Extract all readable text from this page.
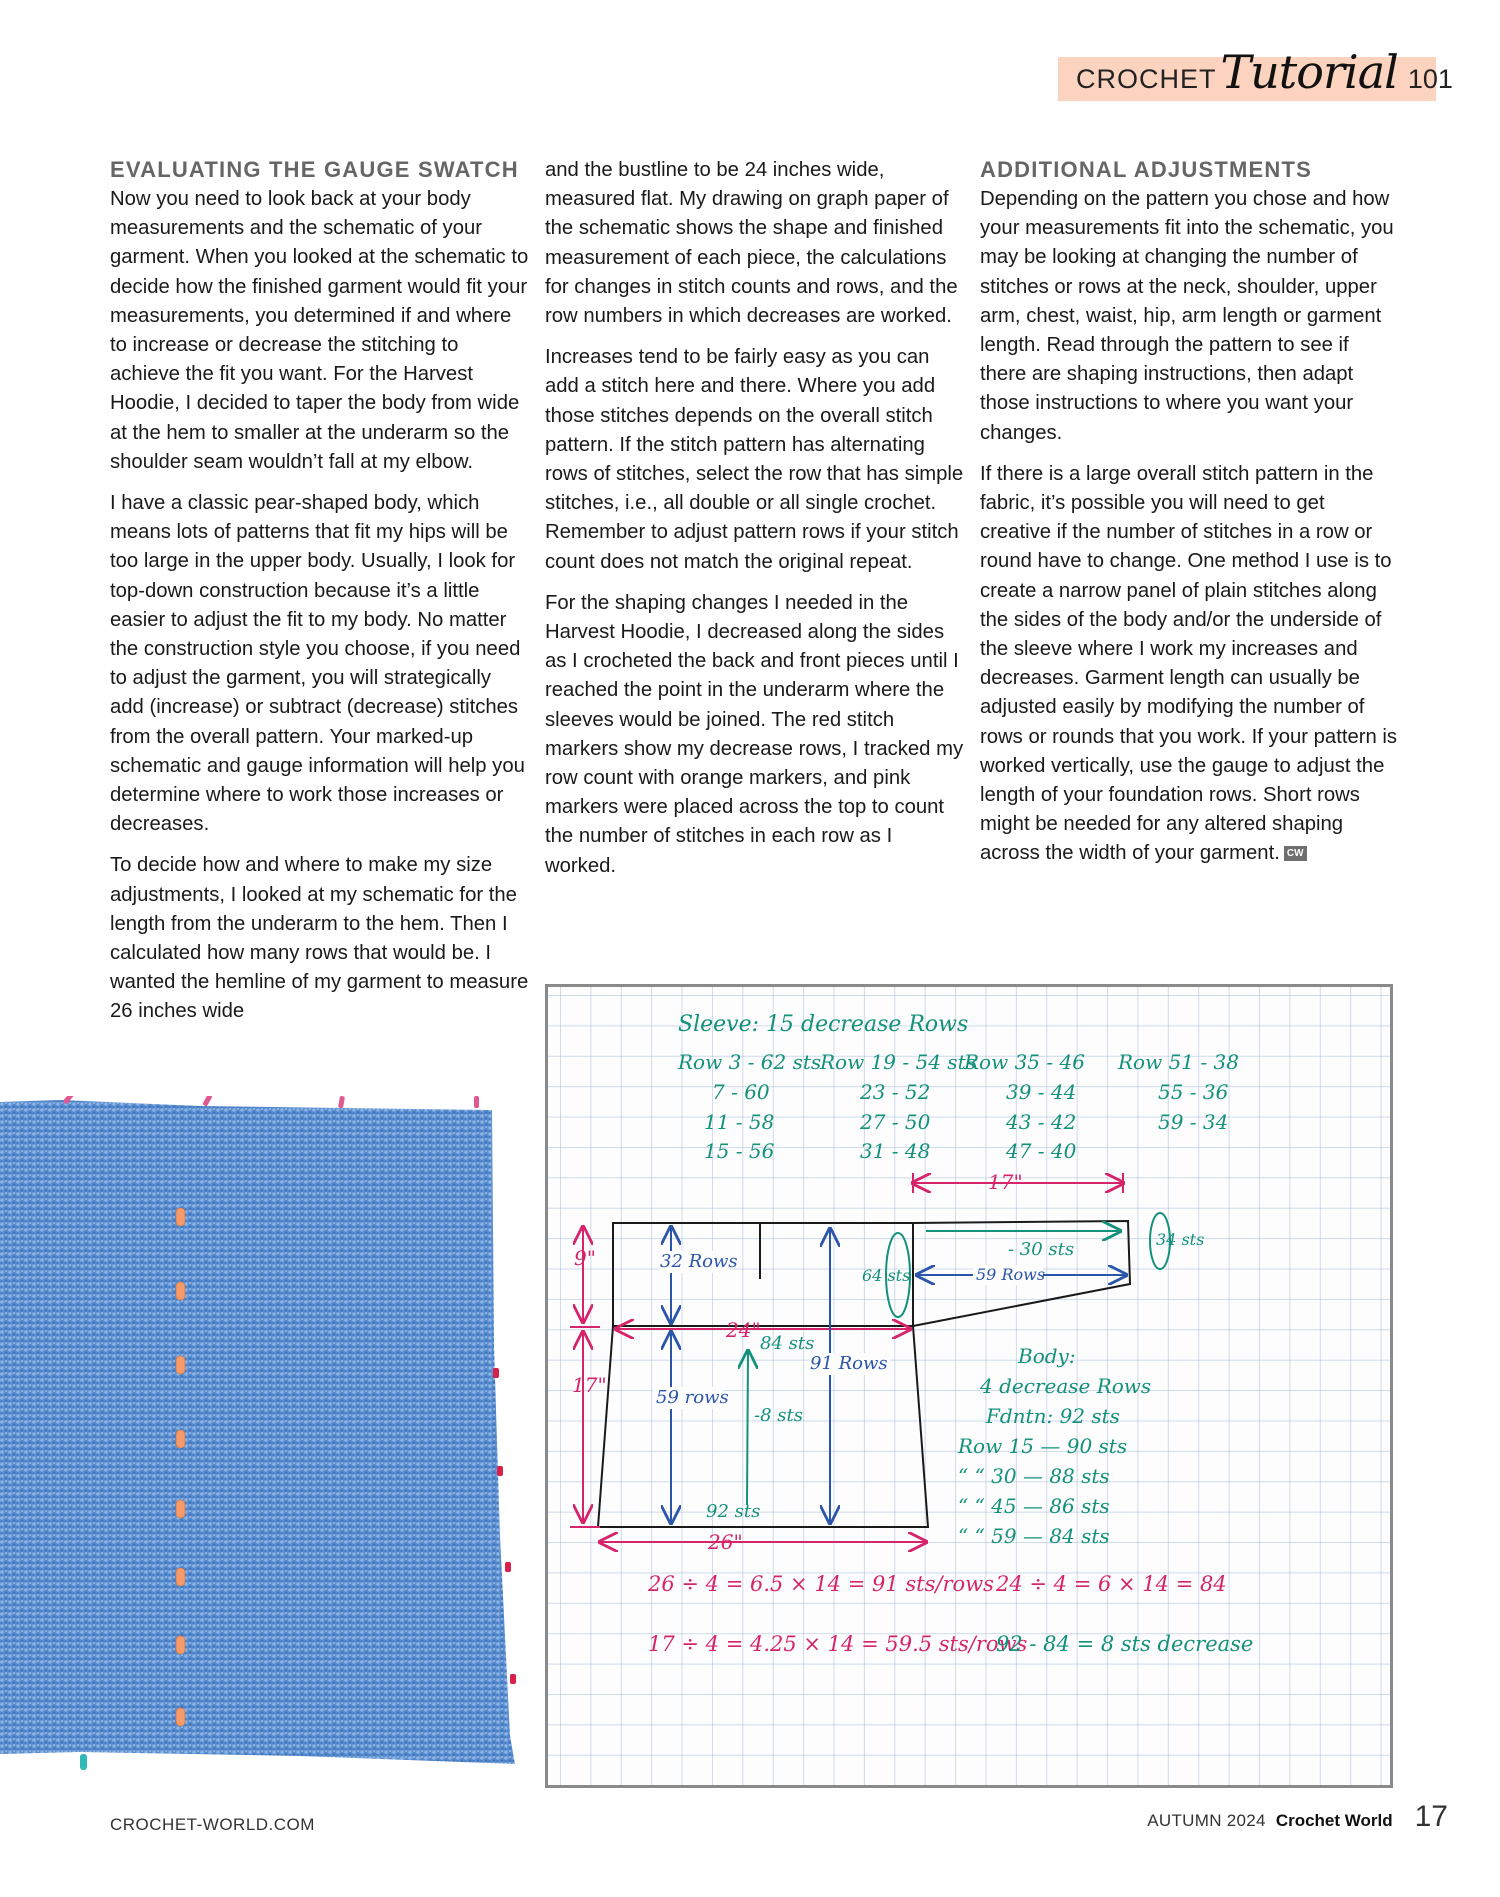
CROCHET Tutorial 101
EVALUATING THE GAUGE SWATCH

Now you need to look back at your body measurements and the schematic of your garment. When you looked at the schematic to decide how the finished garment would fit your measurements, you determined if and where to increase or decrease the stitching to achieve the fit you want. For the Harvest Hoodie, I decided to taper the body from wide at the hem to smaller at the underarm so the shoulder seam wouldn’t fall at my elbow.

I have a classic pear-shaped body, which means lots of patterns that fit my hips will be too large in the upper body. Usually, I look for top-down construction because it’s a little easier to adjust the fit to my body. No matter the construction style you choose, if you need to adjust the garment, you will strategically add (increase) or subtract (decrease) stitches from the overall pattern. Your marked-up schematic and gauge information will help you determine where to work those increases or decreases.

To decide how and where to make my size adjustments, I looked at my schematic for the length from the underarm to the hem. Then I calculated how many rows that would be. I wanted the hemline of my garment to measure 26 inches wide

and the bustline to be 24 inches wide, measured flat. My drawing on graph paper of the schematic shows the shape and finished measurement of each piece, the calculations for changes in stitch counts and rows, and the row numbers in which decreases are worked.

Increases tend to be fairly easy as you can add a stitch here and there. Where you add those stitches depends on the overall stitch pattern. If the stitch pattern has alternating rows of stitches, select the row that has simple stitches, i.e., all double or all single crochet. Remember to adjust pattern rows if your stitch count does not match the original repeat.

For the shaping changes I needed in the Harvest Hoodie, I decreased along the sides as I crocheted the back and front pieces until I reached the point in the underarm where the sleeves would be joined. The red stitch markers show my decrease rows, I tracked my row count with orange markers, and pink markers were placed across the top to count the number of stitches in each row as I worked.

ADDITIONAL ADJUSTMENTS

Depending on the pattern you chose and how your measurements fit into the schematic, you may be looking at changing the number of stitches or rows at the neck, shoulder, upper arm, chest, waist, hip, arm length or garment length. Read through the pattern to see if there are shaping instructions, then adapt those instructions to where you want your changes.

If there is a large overall stitch pattern in the fabric, it’s possible you will need to get creative if the number of stitches in a row or round have to change. One method I use is to create a narrow panel of plain stitches along the sides of the body and/or the underside of the sleeve where I work my increases and decreases. Garment length can usually be adjusted easily by modifying the number of rows or rounds that you work. If your pattern is worked vertically, use the gauge to adjust the length of your foundation rows. Short rows might be needed for any altered shaping across the width of your garment. CW

Sleeve: 15 decrease Rows
Row 3 - 62 sts
7 - 60
11 - 58
15 - 56
Row 19 - 54 sts
23 - 52
27 - 50
31 - 48
Row 35 - 46
39 - 44
43 - 42
47 - 40
Row 51 - 38
55 - 36
59 - 34
17"
9"
17"
24"
26"
32 Rows
59 rows
91 Rows
59 Rows
- 30 sts
64 sts
34 sts
84 sts
-8 sts
92 sts
Body:
4 decrease Rows
Fdntn: 92 sts
Row 15 — 90 sts
“ “ 30 — 88 sts
“ “ 45 — 86 sts
“ “ 59 — 84 sts
26 ÷ 4 = 6.5 × 14 = 91 sts/rows
17 ÷ 4 = 4.25 × 14 = 59.5 sts/rows
24 ÷ 4 = 6 × 14 = 84
92 - 84 = 8 sts decrease
CROCHET-WORLD.COM	AUTUMN 2024 Crochet World 17
